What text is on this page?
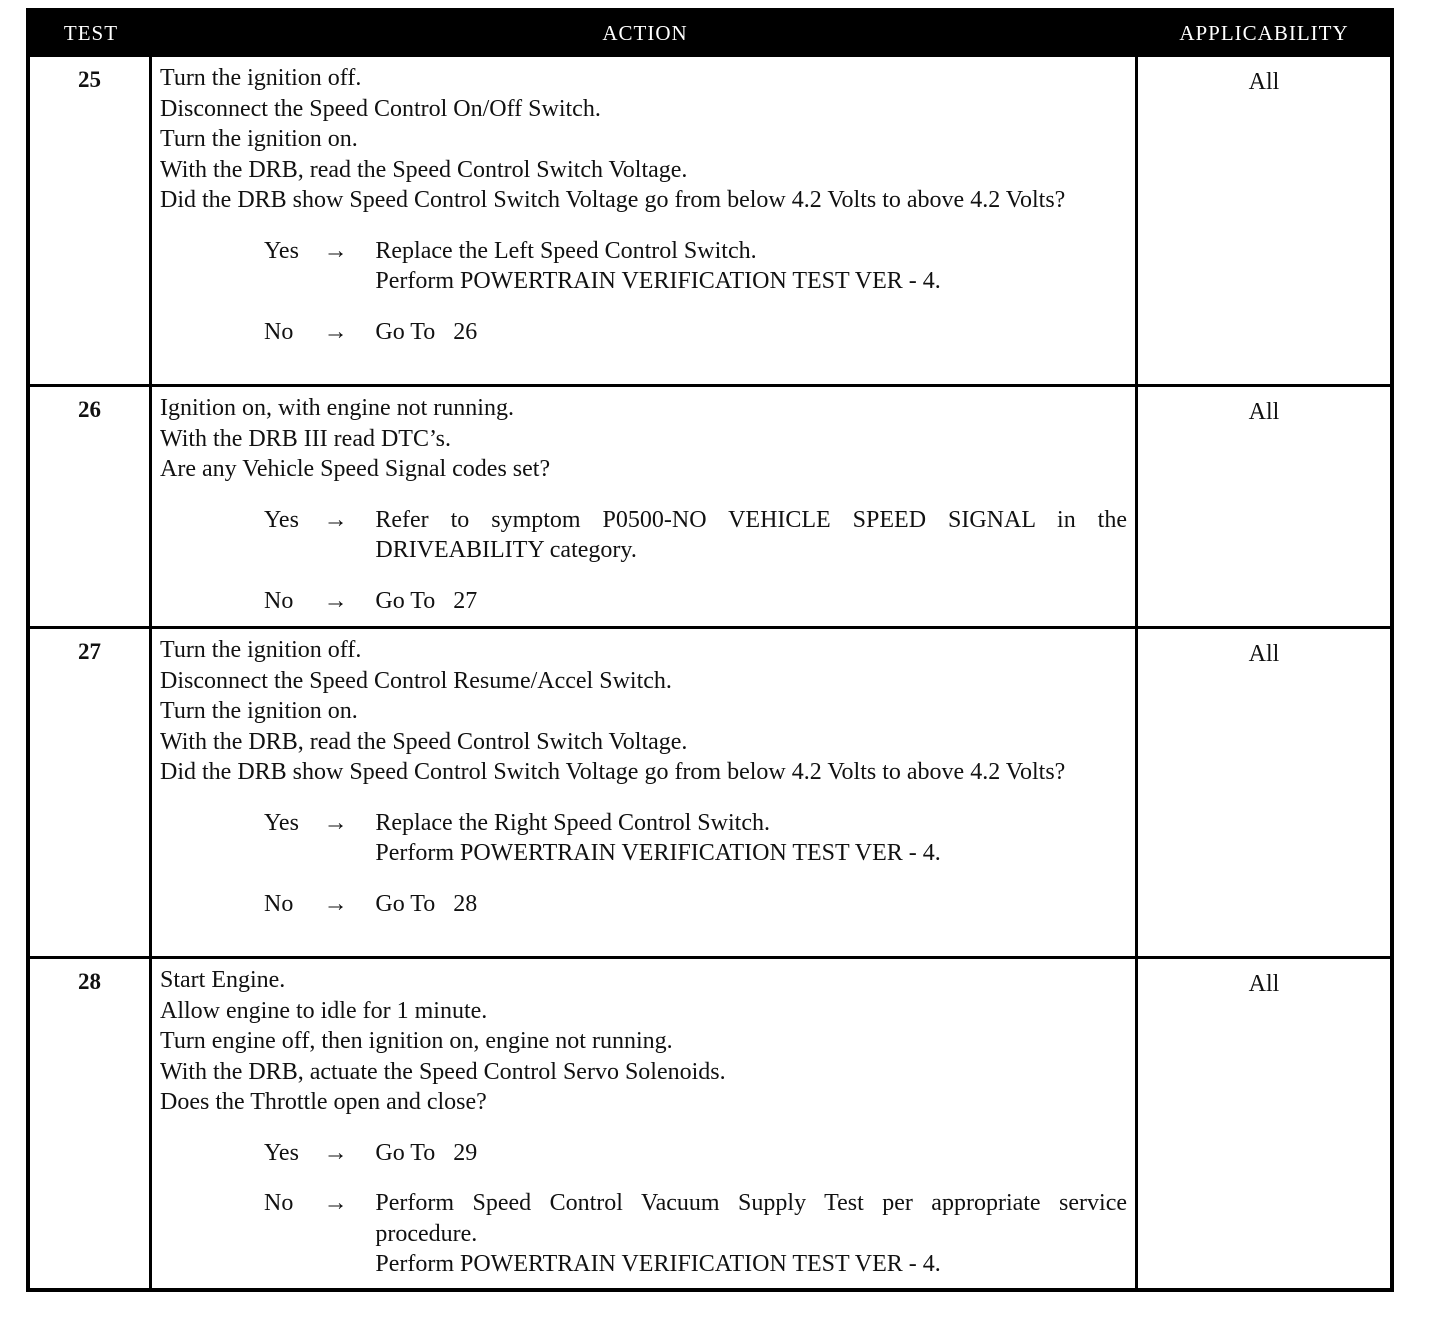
TEST	ACTION	APPLICABILITY
25	Turn the ignition off.
Disconnect the Speed Control On/Off Switch.
Turn the ignition on.
With the DRB, read the Speed Control Switch Voltage.
Did the DRB show Speed Control Switch Voltage go from below 4.2 Volts to above 4.2 Volts?
Yes	→	Replace the Left Speed Control Switch.
Perform POWERTRAIN VERIFICATION TEST VER - 4.
No	→	Go To   26
All
26	Ignition on, with engine not running.
With the DRB III read DTC’s.
Are any Vehicle Speed Signal codes set?
Yes	→	Refer to symptom P0500-NO VEHICLE SPEED SIGNAL in the DRIVEABILITY category.
No	→	Go To   27
All
27	Turn the ignition off.
Disconnect the Speed Control Resume/Accel Switch.
Turn the ignition on.
With the DRB, read the Speed Control Switch Voltage.
Did the DRB show Speed Control Switch Voltage go from below 4.2 Volts to above 4.2 Volts?
Yes	→	Replace the Right Speed Control Switch.
Perform POWERTRAIN VERIFICATION TEST VER - 4.
No	→	Go To   28
All
28	Start Engine.
Allow engine to idle for 1 minute.
Turn engine off, then ignition on, engine not running.
With the DRB, actuate the Speed Control Servo Solenoids.
Does the Throttle open and close?
Yes	→	Go To   29
No	→	Perform Speed Control Vacuum Supply Test per appropriate service procedure.
Perform POWERTRAIN VERIFICATION TEST VER - 4.
All
